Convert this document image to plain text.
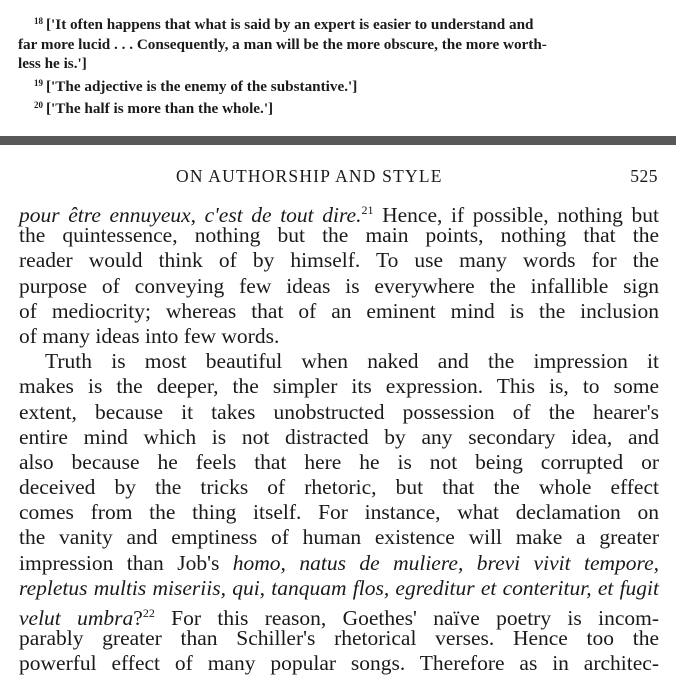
$^{18}$ ['It often happens that what is said by an expert is easier to understand and
far more lucid . . . Consequently, a man will be the more obscure, the more worth-
less he is.']
$^{19}$ ['The adjective is the enemy of the substantive.']
$^{20}$ ['The half is more than the whole.']
ON AUTHORSHIP AND STYLE	525
pour être ennuyeux, c'est de tout dire.$^{21}$ Hence, if possible, nothing but
the quintessence, nothing but the main points, nothing that the
reader would think of by himself. To use many words for the
purpose of conveying few ideas is everywhere the infallible sign
of mediocrity; whereas that of an eminent mind is the inclusion
of many ideas into few words.
Truth is most beautiful when naked and the impression it
makes is the deeper, the simpler its expression. This is, to some
extent, because it takes unobstructed possession of the hearer's
entire mind which is not distracted by any secondary idea, and
also because he feels that here he is not being corrupted or
deceived by the tricks of rhetoric, but that the whole effect
comes from the thing itself. For instance, what declamation on
the vanity and emptiness of human existence will make a greater
impression than Job's homo, natus de muliere, brevi vivit tempore,
repletus multis miseriis, qui, tanquam flos, egreditur et conteritur, et fugit
velut umbra?$^{22}$ For this reason, Goethes' naïve poetry is incom-
parably greater than Schiller's rhetorical verses. Hence too the
powerful effect of many popular songs. Therefore as in architec-
